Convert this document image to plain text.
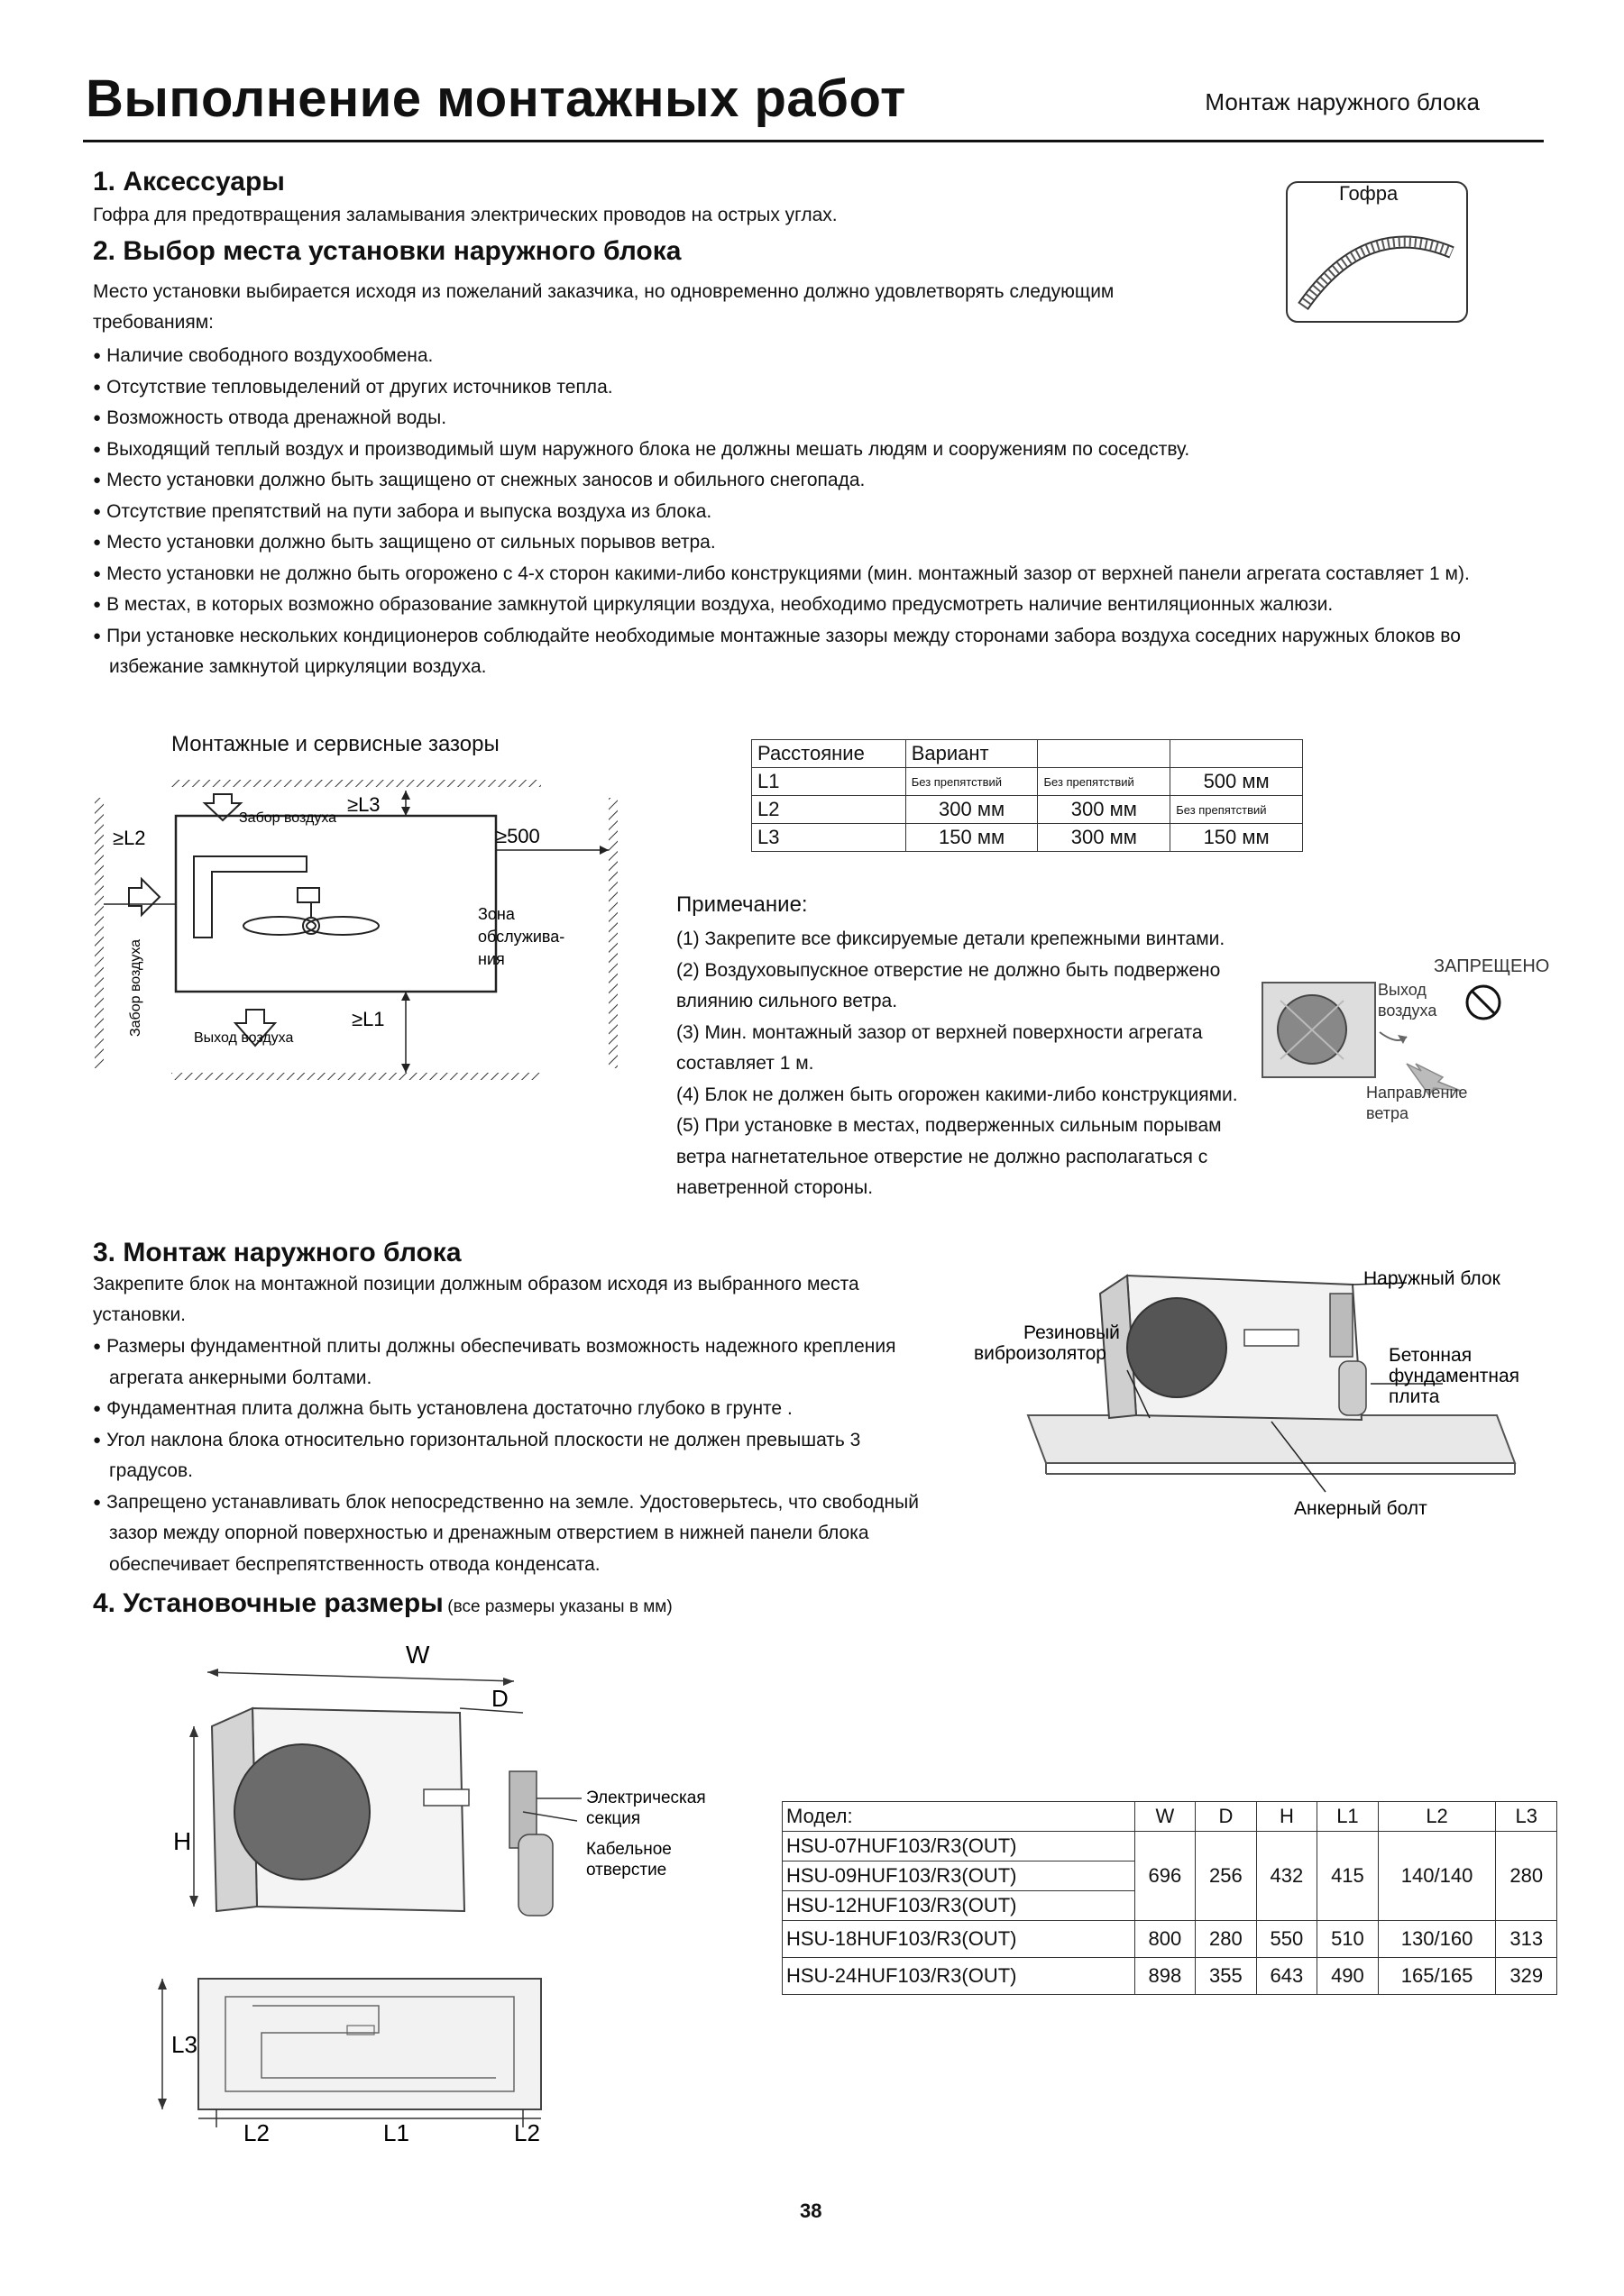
Выполнение монтажных работ	Монтаж наружного блока
1. Аксессуары
Гофра для предотвращения заламывания электрических проводов на острых углах.
Гофра
2. Выбор места установки наружного блока
Место установки выбирается исходя из пожеланий заказчика, но одновременно должно удовлетворять следующим требованиям:
● Наличие свободного воздухообмена.
● Отсутствие тепловыделений от других источников тепла.
● Возможность отвода дренажной воды.
● Выходящий теплый воздух и производимый шум наружного блока не должны мешать людям и сооружениям по соседству.
● Место установки должно быть защищено от снежных заносов и обильного снегопада.
● Отсутствие препятствий на пути забора и выпуска воздуха из блока.
● Место установки должно быть защищено от сильных порывов ветра.
● Место установки не должно быть огорожено с 4-х сторон какими-либо конструкциями (мин. монтажный зазор от верхней панели агрегата составляет 1 м).
● В местах, в которых возможно образование замкнутой циркуляции воздуха, необходимо предусмотреть наличие вентиляционных жалюзи.
● При установке нескольких кондиционеров соблюдайте необходимые монтажные зазоры между сторонами забора воздуха соседних наружных блоков во избежание замкнутой циркуляции воздуха.
Монтажные и сервисные зазоры
Забор воздуха
≥L3
≥L2	≥500
Зона
обслужива-
ния
≥L1
Выход воздуха
Забор воздуха
Расстояние	Вариант		
L1	Без препятствий	Без препятствий	500 мм
L2	300 мм	300 мм	Без препятствий
L3	150 мм	300 мм	150 мм
Примечание:
(1) Закрепите все фиксируемые детали крепежными винтами.
(2) Воздуховыпускное отверстие не должно быть подвержено влиянию сильного ветра.
(3) Мин. монтажный зазор от верхней поверхности агрегата составляет 1 м.
(4) Блок не должен быть огорожен какими-либо конструкциями.
(5) При установке в местах, подверженных сильным порывам ветра нагнетательное отверстие не должно располагаться с наветренной стороны.
ЗАПРЕЩЕНО
Выход
воздуха
Направление
ветра
3. Монтаж наружного блока
Закрепите блок на монтажной позиции должным образом исходя из выбранного места установки.
● Размеры фундаментной плиты должны обеспечивать возможность надежного крепления агрегата анкерными болтами.
● Фундаментная плита должна быть установлена достаточно глубоко в грунте .
● Угол наклона блока относительно горизонтальной плоскости не должен превышать 3 градусов.
● Запрещено устанавливать блок непосредственно на земле. Удостоверьтесь, что свободный зазор между опорной поверхностью и дренажным отверстием в нижней панели блока обеспечивает беспрепятственность отвода конденсата.
Наружный блок
Резиновый
виброизолятор	Бетонная
фундаментная
плита
Анкерный болт
4. Установочные размеры (все размеры указаны в мм)
W
D
H
Электрическая
секция
Кабельное
отверстие
L3
L2	L1	L2
Модел:	W	D	H	L1	L2	L3
HSU-07HUF103/R3(OUT)	696	256	432	415	140/140	280
HSU-09HUF103/R3(OUT)						
HSU-12HUF103/R3(OUT)						
HSU-18HUF103/R3(OUT)	800	280	550	510	130/160	313
HSU-24HUF103/R3(OUT)	898	355	643	490	165/165	329
38
